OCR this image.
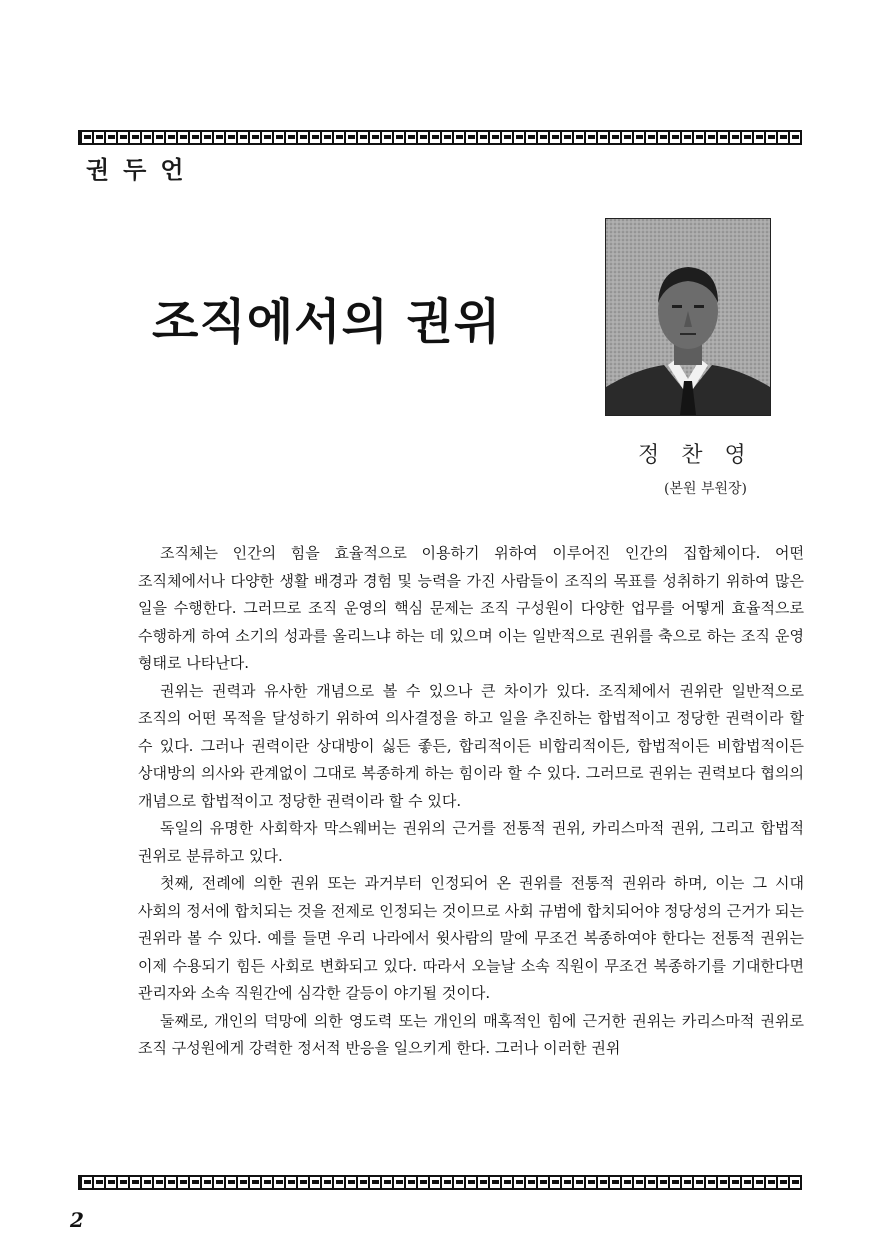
권두언
조직에서의 권위
정찬영
(본원 부원장)

조직체는 인간의 힘을 효율적으로 이용하기 위하여 이루어진 인간의 집합체이다. 어떤 조직체에서나 다양한 생활 배경과 경험 및 능력을 가진 사람들이 조직의 목표를 성취하기 위하여 많은 일을 수행한다. 그러므로 조직 운영의 핵심 문제는 조직 구성원이 다양한 업무를 어떻게 효율적으로 수행하게 하여 소기의 성과를 올리느냐 하는 데 있으며 이는 일반적으로 권위를 축으로 하는 조직 운영 형태로 나타난다.

권위는 권력과 유사한 개념으로 볼 수 있으나 큰 차이가 있다. 조직체에서 권위란 일반적으로 조직의 어떤 목적을 달성하기 위하여 의사결정을 하고 일을 추진하는 합법적이고 정당한 권력이라 할 수 있다. 그러나 권력이란 상대방이 싫든 좋든, 합리적이든 비합리적이든, 합법적이든 비합법적이든 상대방의 의사와 관계없이 그대로 복종하게 하는 힘이라 할 수 있다. 그러므로 권위는 권력보다 협의의 개념으로 합법적이고 정당한 권력이라 할 수 있다.

독일의 유명한 사회학자 막스웨버는 권위의 근거를 전통적 권위, 카리스마적 권위, 그리고 합법적 권위로 분류하고 있다.

첫째, 전례에 의한 권위 또는 과거부터 인정되어 온 권위를 전통적 권위라 하며, 이는 그 시대 사회의 정서에 합치되는 것을 전제로 인정되는 것이므로 사회 규범에 합치되어야 정당성의 근거가 되는 권위라 볼 수 있다. 예를 들면 우리 나라에서 윗사람의 말에 무조건 복종하여야 한다는 전통적 권위는 이제 수용되기 힘든 사회로 변화되고 있다. 따라서 오늘날 소속 직원이 무조건 복종하기를 기대한다면 관리자와 소속 직원간에 심각한 갈등이 야기될 것이다.

둘째로, 개인의 덕망에 의한 영도력 또는 개인의 매혹적인 힘에 근거한 권위는 카리스마적 권위로 조직 구성원에게 강력한 정서적 반응을 일으키게 한다. 그러나 이러한 권위

2
